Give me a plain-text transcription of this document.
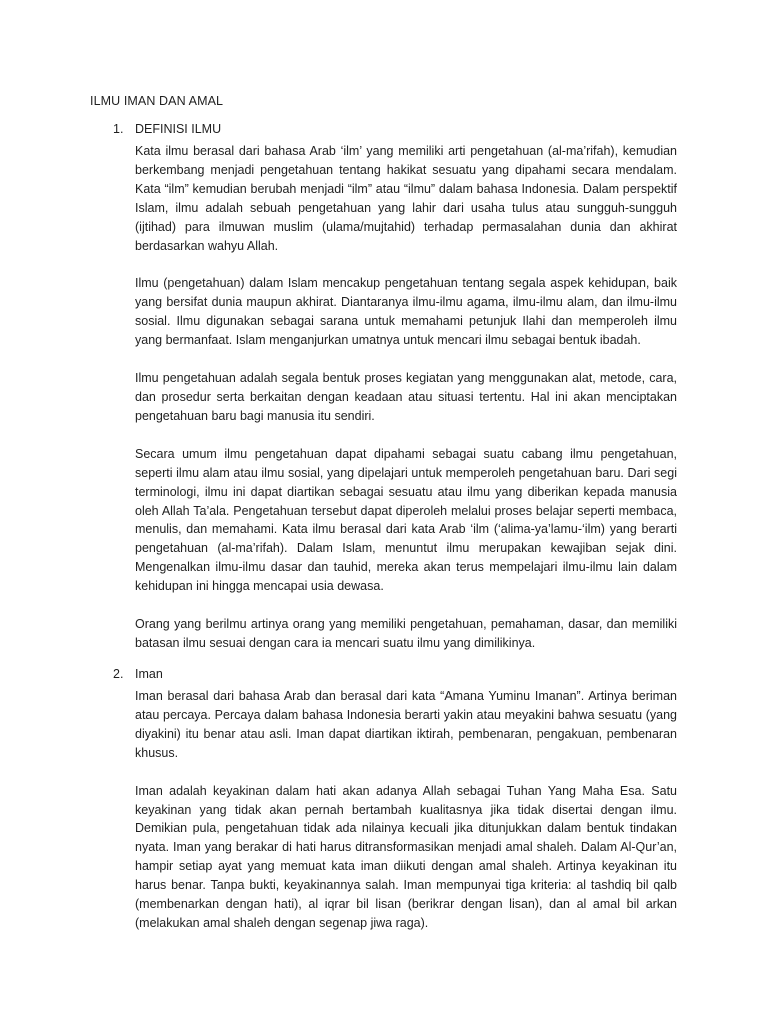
ILMU IMAN DAN AMAL
1. DEFINISI ILMU

Kata ilmu berasal dari bahasa Arab ‘ilm’ yang memiliki arti pengetahuan (al-ma’rifah), kemudian berkembang menjadi pengetahuan tentang hakikat sesuatu yang dipahami secara mendalam. Kata “ilm” kemudian berubah menjadi “ilm” atau “ilmu” dalam bahasa Indonesia. Dalam perspektif Islam, ilmu adalah sebuah pengetahuan yang lahir dari usaha tulus atau sungguh-sungguh (ijtihad) para ilmuwan muslim (ulama/mujtahid) terhadap permasalahan dunia dan akhirat berdasarkan wahyu Allah.

Ilmu (pengetahuan) dalam Islam mencakup pengetahuan tentang segala aspek kehidupan, baik yang bersifat dunia maupun akhirat. Diantaranya ilmu-ilmu agama, ilmu-ilmu alam, dan ilmu-ilmu sosial. Ilmu digunakan sebagai sarana untuk memahami petunjuk Ilahi dan memperoleh ilmu yang bermanfaat. Islam menganjurkan umatnya untuk mencari ilmu sebagai bentuk ibadah.

Ilmu pengetahuan adalah segala bentuk proses kegiatan yang menggunakan alat, metode, cara, dan prosedur serta berkaitan dengan keadaan atau situasi tertentu. Hal ini akan menciptakan pengetahuan baru bagi manusia itu sendiri.

Secara umum ilmu pengetahuan dapat dipahami sebagai suatu cabang ilmu pengetahuan, seperti ilmu alam atau ilmu sosial, yang dipelajari untuk memperoleh pengetahuan baru. Dari segi terminologi, ilmu ini dapat diartikan sebagai sesuatu atau ilmu yang diberikan kepada manusia oleh Allah Ta’ala. Pengetahuan tersebut dapat diperoleh melalui proses belajar seperti membaca, menulis, dan memahami. Kata ilmu berasal dari kata Arab ‘ilm (‘alima-ya’lamu-‘ilm) yang berarti pengetahuan (al-ma’rifah). Dalam Islam, menuntut ilmu merupakan kewajiban sejak dini. Mengenalkan ilmu-ilmu dasar dan tauhid, mereka akan terus mempelajari ilmu-ilmu lain dalam kehidupan ini hingga mencapai usia dewasa.

Orang yang berilmu artinya orang yang memiliki pengetahuan, pemahaman, dasar, dan memiliki batasan ilmu sesuai dengan cara ia mencari suatu ilmu yang dimilikinya.

2. Iman

Iman berasal dari bahasa Arab dan berasal dari kata “Amana Yuminu Imanan”. Artinya beriman atau percaya. Percaya dalam bahasa Indonesia berarti yakin atau meyakini bahwa sesuatu (yang diyakini) itu benar atau asli. Iman dapat diartikan iktirah, pembenaran, pengakuan, pembenaran khusus.

Iman adalah keyakinan dalam hati akan adanya Allah sebagai Tuhan Yang Maha Esa. Satu keyakinan yang tidak akan pernah bertambah kualitasnya jika tidak disertai dengan ilmu. Demikian pula, pengetahuan tidak ada nilainya kecuali jika ditunjukkan dalam bentuk tindakan nyata. Iman yang berakar di hati harus ditransformasikan menjadi amal shaleh. Dalam Al-Qur’an, hampir setiap ayat yang memuat kata iman diikuti dengan amal shaleh. Artinya keyakinan itu harus benar. Tanpa bukti, keyakinannya salah. Iman mempunyai tiga kriteria: al tashdiq bil qalb (membenarkan dengan hati), al iqrar bil lisan (berikrar dengan lisan), dan al amal bil arkan (melakukan amal shaleh dengan segenap jiwa raga).
